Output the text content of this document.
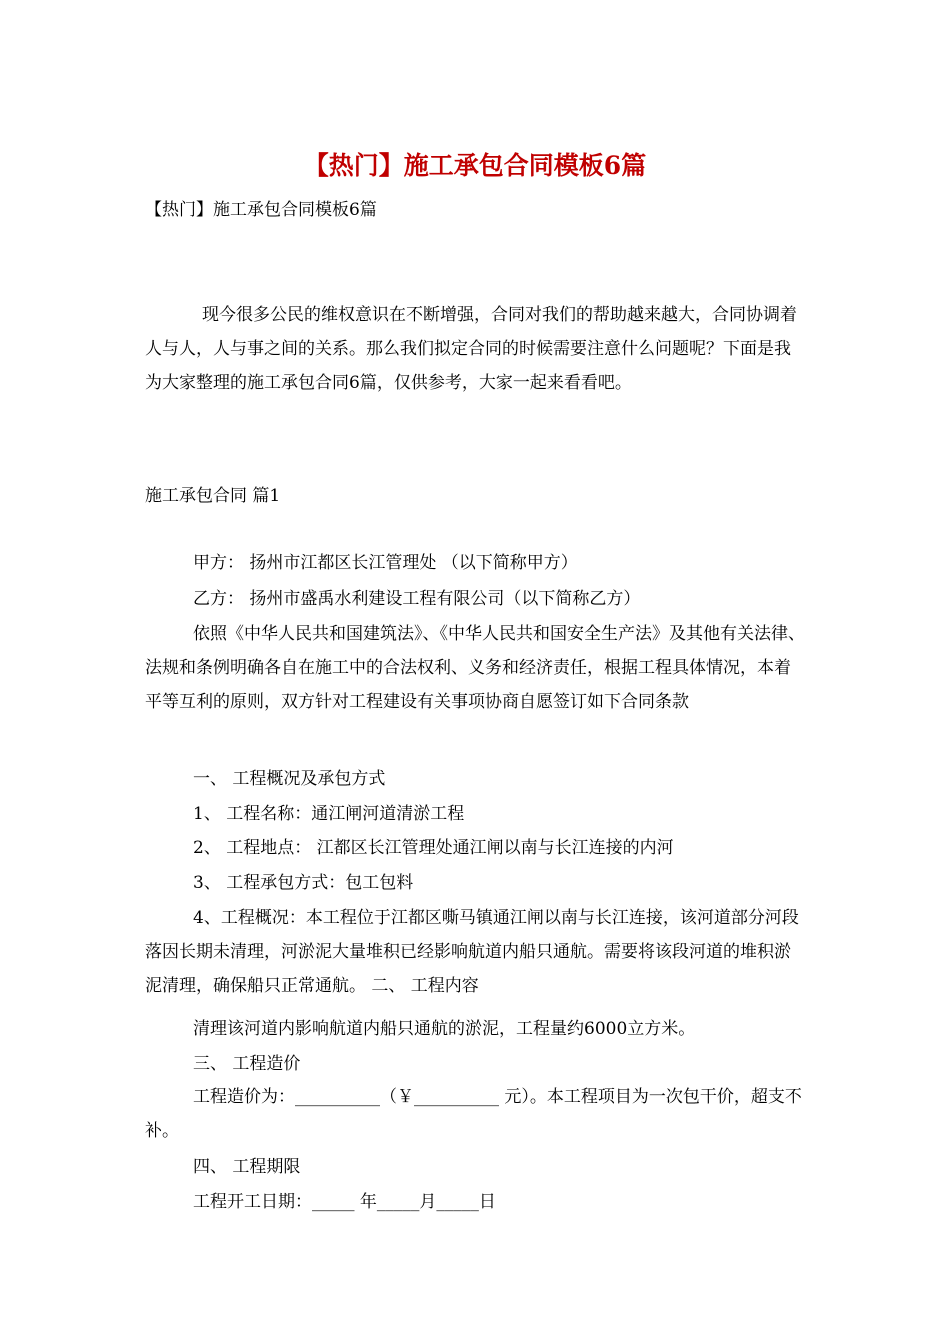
【热门】施工承包合同模板6篇
【热门】施工承包合同模板6篇
现今很多公民的维权意识在不断增强，合同对我们的帮助越来越大，合同协调着人与人，人与事之间的关系。那么我们拟定合同的时候需要注意什么问题呢？下面是我为大家整理的施工承包合同6篇，仅供参考，大家一起来看看吧。
施工承包合同 篇1
甲方： 扬州市江都区长江管理处 （以下简称甲方）
乙方： 扬州市盛禹水利建设工程有限公司（以下简称乙方）
依照《中华人民共和国建筑法》、《中华人民共和国安全生产法》及其他有关法律、法规和条例明确各自在施工中的合法权利、义务和经济责任，根据工程具体情况，本着平等互利的原则，双方针对工程建设有关事项协商自愿签订如下合同条款
一、 工程概况及承包方式
1、 工程名称：通江闸河道清淤工程
2、 工程地点： 江都区长江管理处通江闸以南与长江连接的内河
3、 工程承包方式：包工包料
4、工程概况：本工程位于江都区嘶马镇通江闸以南与长江连接，该河道部分河段落因长期未清理，河淤泥大量堆积已经影响航道内船只通航。需要将该段河道的堆积淤泥清理，确保船只正常通航。 二、 工程内容
清理该河道内影响航道内船只通航的淤泥，工程量约6000立方米。
三、 工程造价
工程造价为：__________（￥__________ 元）。本工程项目为一次包干价，超支不补。
四、 工程期限
工程开工日期：_____ 年_____月_____日
